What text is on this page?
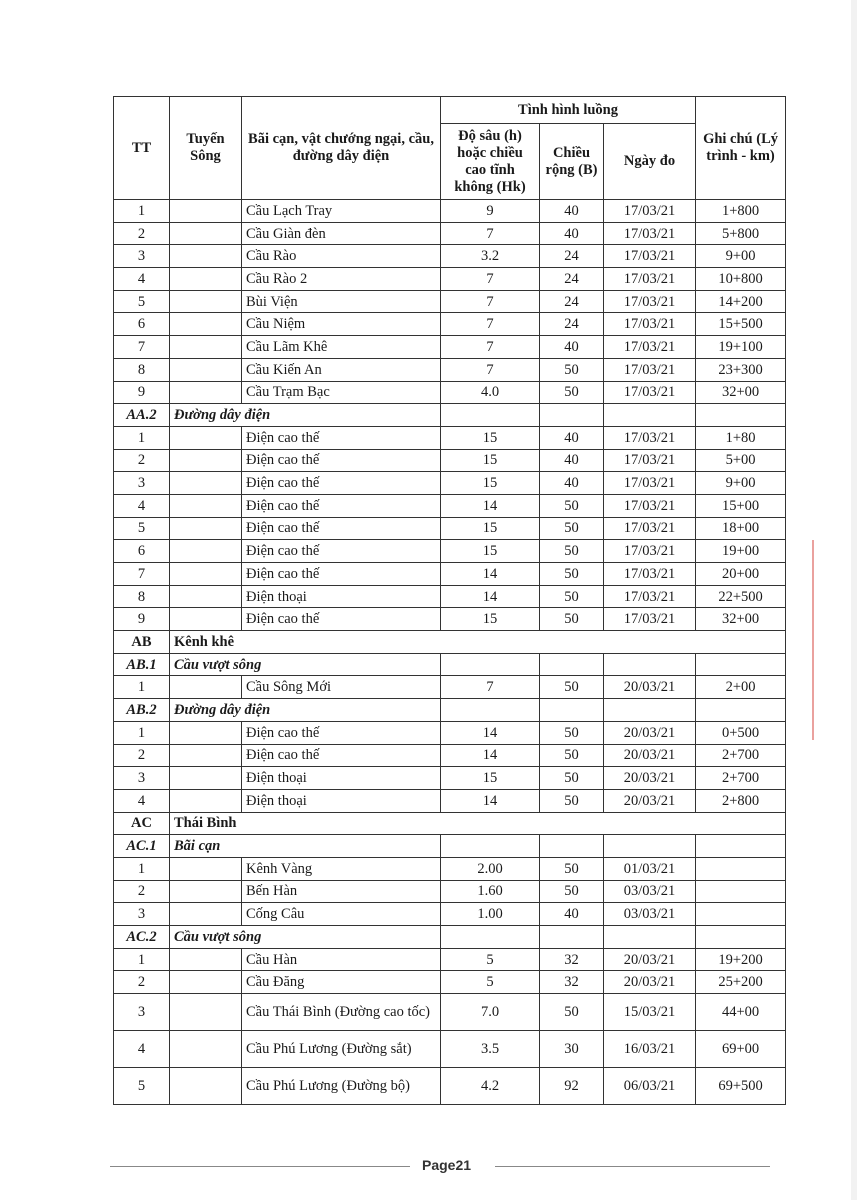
TT	Tuyến Sông	Bãi cạn, vật chướng ngại, cầu, đường dây điện	Tình hình luồng			Ghi chú (Lý trình - km)
			Độ sâu (h) hoặc chiều cao tĩnh không (Hk)	Chiều rộng (B)	Ngày đo	
1		Cầu Lạch Tray	9	40	17/03/21	1+800
2		Cầu Giàn đèn	7	40	17/03/21	5+800
3		Cầu Rào	3.2	24	17/03/21	9+00
4		Cầu Rào 2	7	24	17/03/21	10+800
5		Bùi Viện	7	24	17/03/21	14+200
6		Cầu Niệm	7	24	17/03/21	15+500
7		Cầu Lãm Khê	7	40	17/03/21	19+100
8		Cầu Kiến An	7	50	17/03/21	23+300
9		Cầu Trạm Bạc	4.0	50	17/03/21	32+00
AA.2	Đường dây điện					
1		Điện cao thế	15	40	17/03/21	1+80
2		Điện cao thế	15	40	17/03/21	5+00
3		Điện cao thế	15	40	17/03/21	9+00
4		Điện cao thế	14	50	17/03/21	15+00
5		Điện cao thế	15	50	17/03/21	18+00
6		Điện cao thế	15	50	17/03/21	19+00
7		Điện cao thế	14	50	17/03/21	20+00
8		Điện thoại	14	50	17/03/21	22+500
9		Điện cao thế	15	50	17/03/21	32+00
AB	Kênh khê					
AB.1	Cầu vượt sông					
1		Cầu Sông Mới	7	50	20/03/21	2+00
AB.2	Đường dây điện					
1		Điện cao thế	14	50	20/03/21	0+500
2		Điện cao thế	14	50	20/03/21	2+700
3		Điện thoại	15	50	20/03/21	2+700
4		Điện thoại	14	50	20/03/21	2+800
AC	Thái Bình					
AC.1	Bãi cạn					
1		Kênh Vàng	2.00	50	01/03/21	
2		Bến Hàn	1.60	50	03/03/21	
3		Cống Câu	1.00	40	03/03/21	
AC.2	Cầu vượt sông					
1		Cầu Hàn	5	32	20/03/21	19+200
2		Cầu Đăng	5	32	20/03/21	25+200
3		Cầu Thái Bình (Đường cao tốc)	7.0	50	15/03/21	44+00
4		Cầu Phú Lương (Đường sắt)	3.5	30	16/03/21	69+00
5		Cầu Phú Lương (Đường bộ)	4.2	92	06/03/21	69+500
Page21
